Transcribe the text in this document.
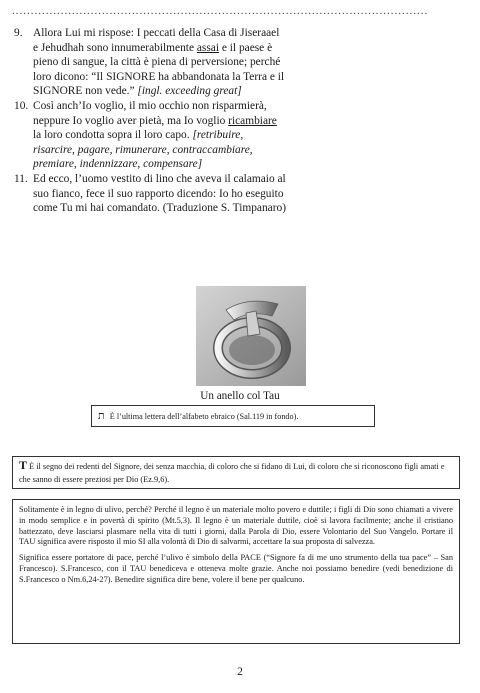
...............................................................................................................
9. Allora Lui mi rispose: I peccati della Casa di Jiseraael e Jehudhah sono innumerabilmente assai e il paese è pieno di sangue, la città è piena di perversione; perché loro dicono: “Il SIGNORE ha abbandonata la Terra e il SIGNORE non vede.” [ingl. exceeding great]
10. Così anch’Io voglio, il mio occhio non risparmierà, neppure Io voglio aver pietà, ma Io voglio ricambiare la loro condotta sopra il loro capo. [retribuire, risarcire, pagare, rimunerare, contraccambiare, premiare, indennizzare, compensare]
11. Ed ecco, l’uomo vestito di lino che aveva il calamaio al suo fianco, fece il suo rapporto dicendo: Io ho eseguito come Tu mi hai comandato. (Traduzione S. Timpanaro)
Un anello col Tau
ת È l’ultima lettera dell’alfabeto ebraico (Sal.119 in fondo).
T È il segno dei redenti del Signore, dei senza macchia, di coloro che si fidano di Lui, di coloro che si riconoscono figli amati e che sanno di essere preziosi per Dio (Ez.9,6).

Solitamente è in legno di ulivo, perché? Perché il legno è un materiale molto povero e duttile; i figli di Dio sono chiamati a vivere in modo semplice e in povertà di spirito (Mt.5,3). Il legno è un materiale duttile, cioè si lavora facilmente; anche il cristiano battezzato, deve lasciarsi plasmare nella vita di tutti i giorni, dalla Parola di Dio, essere Volontario del Suo Vangelo. Portare il TAU significa avere risposto il mio SI alla volontà di Dio di salvarmi, accettare la sua proposta di salvezza.

Significa essere portatore di pace, perché l’ulivo è simbolo della PACE (“Signore fa di me uno strumento della tua pace” – San Francesco). S.Francesco, con il TAU benediceva e otteneva molte grazie. Anche noi possiamo benedire (vedi benedizione di S.Francesco o Nm.6,24-27). Benedire significa dire bene, volere il bene per qualcuno.

2
